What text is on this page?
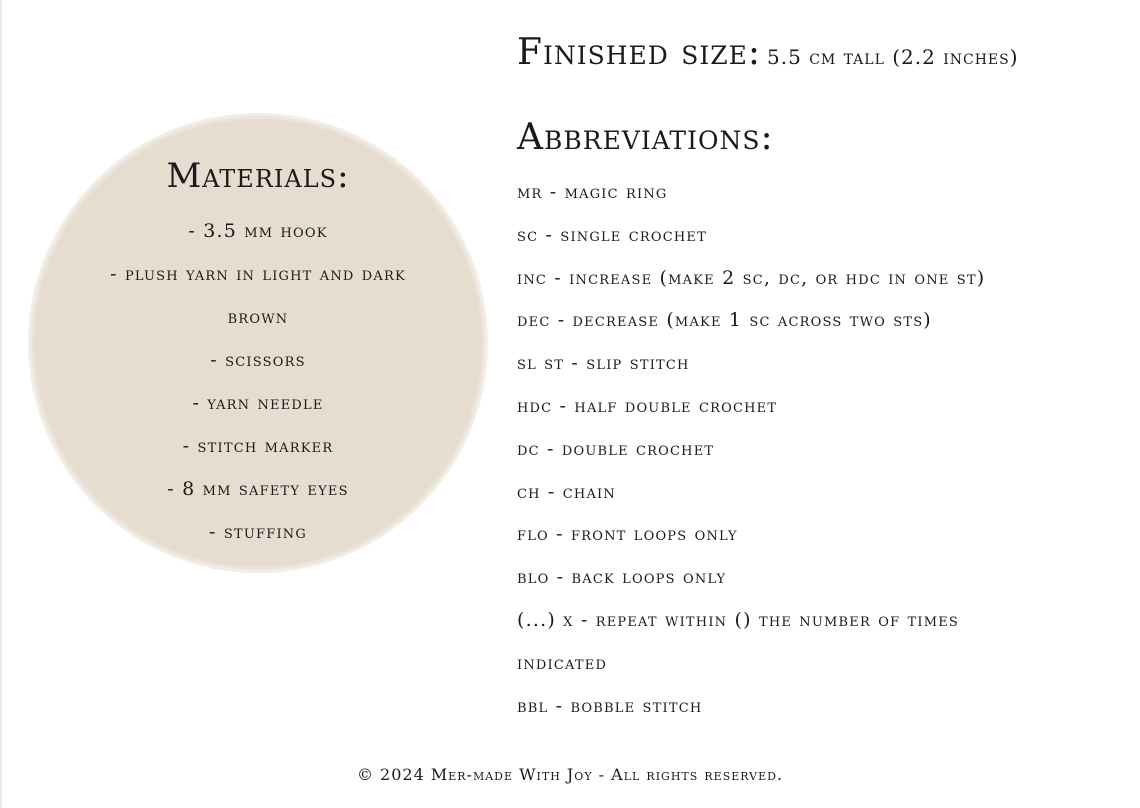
Materials:
- 3.5 mm hook
- plush yarn in light and dark
brown
- scissors
- yarn needle
- stitch marker
- 8 mm safety eyes
- stuffing
Finished size: 5.5 cm tall (2.2 inches)
Abbreviations:
mr - magic ring
sc - single crochet
inc - increase (make 2 sc, dc, or hdc in one st)
dec - decrease (make 1 sc across two sts)
sl st - slip stitch
hdc - half double crochet
dc - double crochet
ch - chain
flo - front loops only
blo - back loops only
(...) x - repeat within () the number of times
indicated
bbl - bobble stitch
© 2024 Mer-made With Joy - All rights reserved.
